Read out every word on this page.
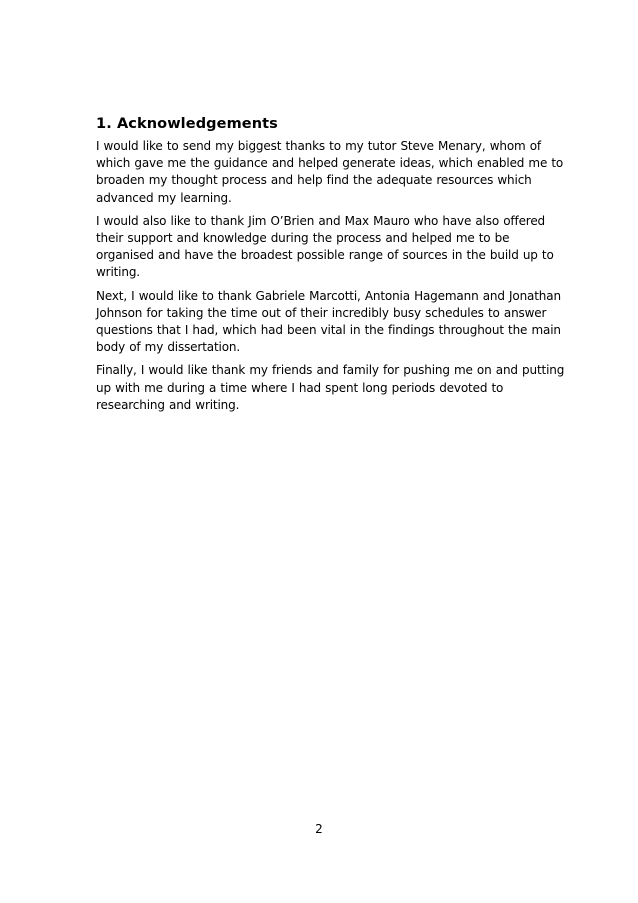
1. Acknowledgements

I would like to send my biggest thanks to my tutor Steve Menary, whom of which gave me the guidance and helped generate ideas, which enabled me to broaden my thought process and help find the adequate resources which advanced my learning.

I would also like to thank Jim O’Brien and Max Mauro who have also offered their support and knowledge during the process and helped me to be organised and have the broadest possible range of sources in the build up to writing.

Next, I would like to thank Gabriele Marcotti, Antonia Hagemann and Jonathan Johnson for taking the time out of their incredibly busy schedules to answer questions that I had, which had been vital in the findings throughout the main body of my dissertation.

Finally, I would like thank my friends and family for pushing me on and putting up with me during a time where I had spent long periods devoted to researching and writing.

2
